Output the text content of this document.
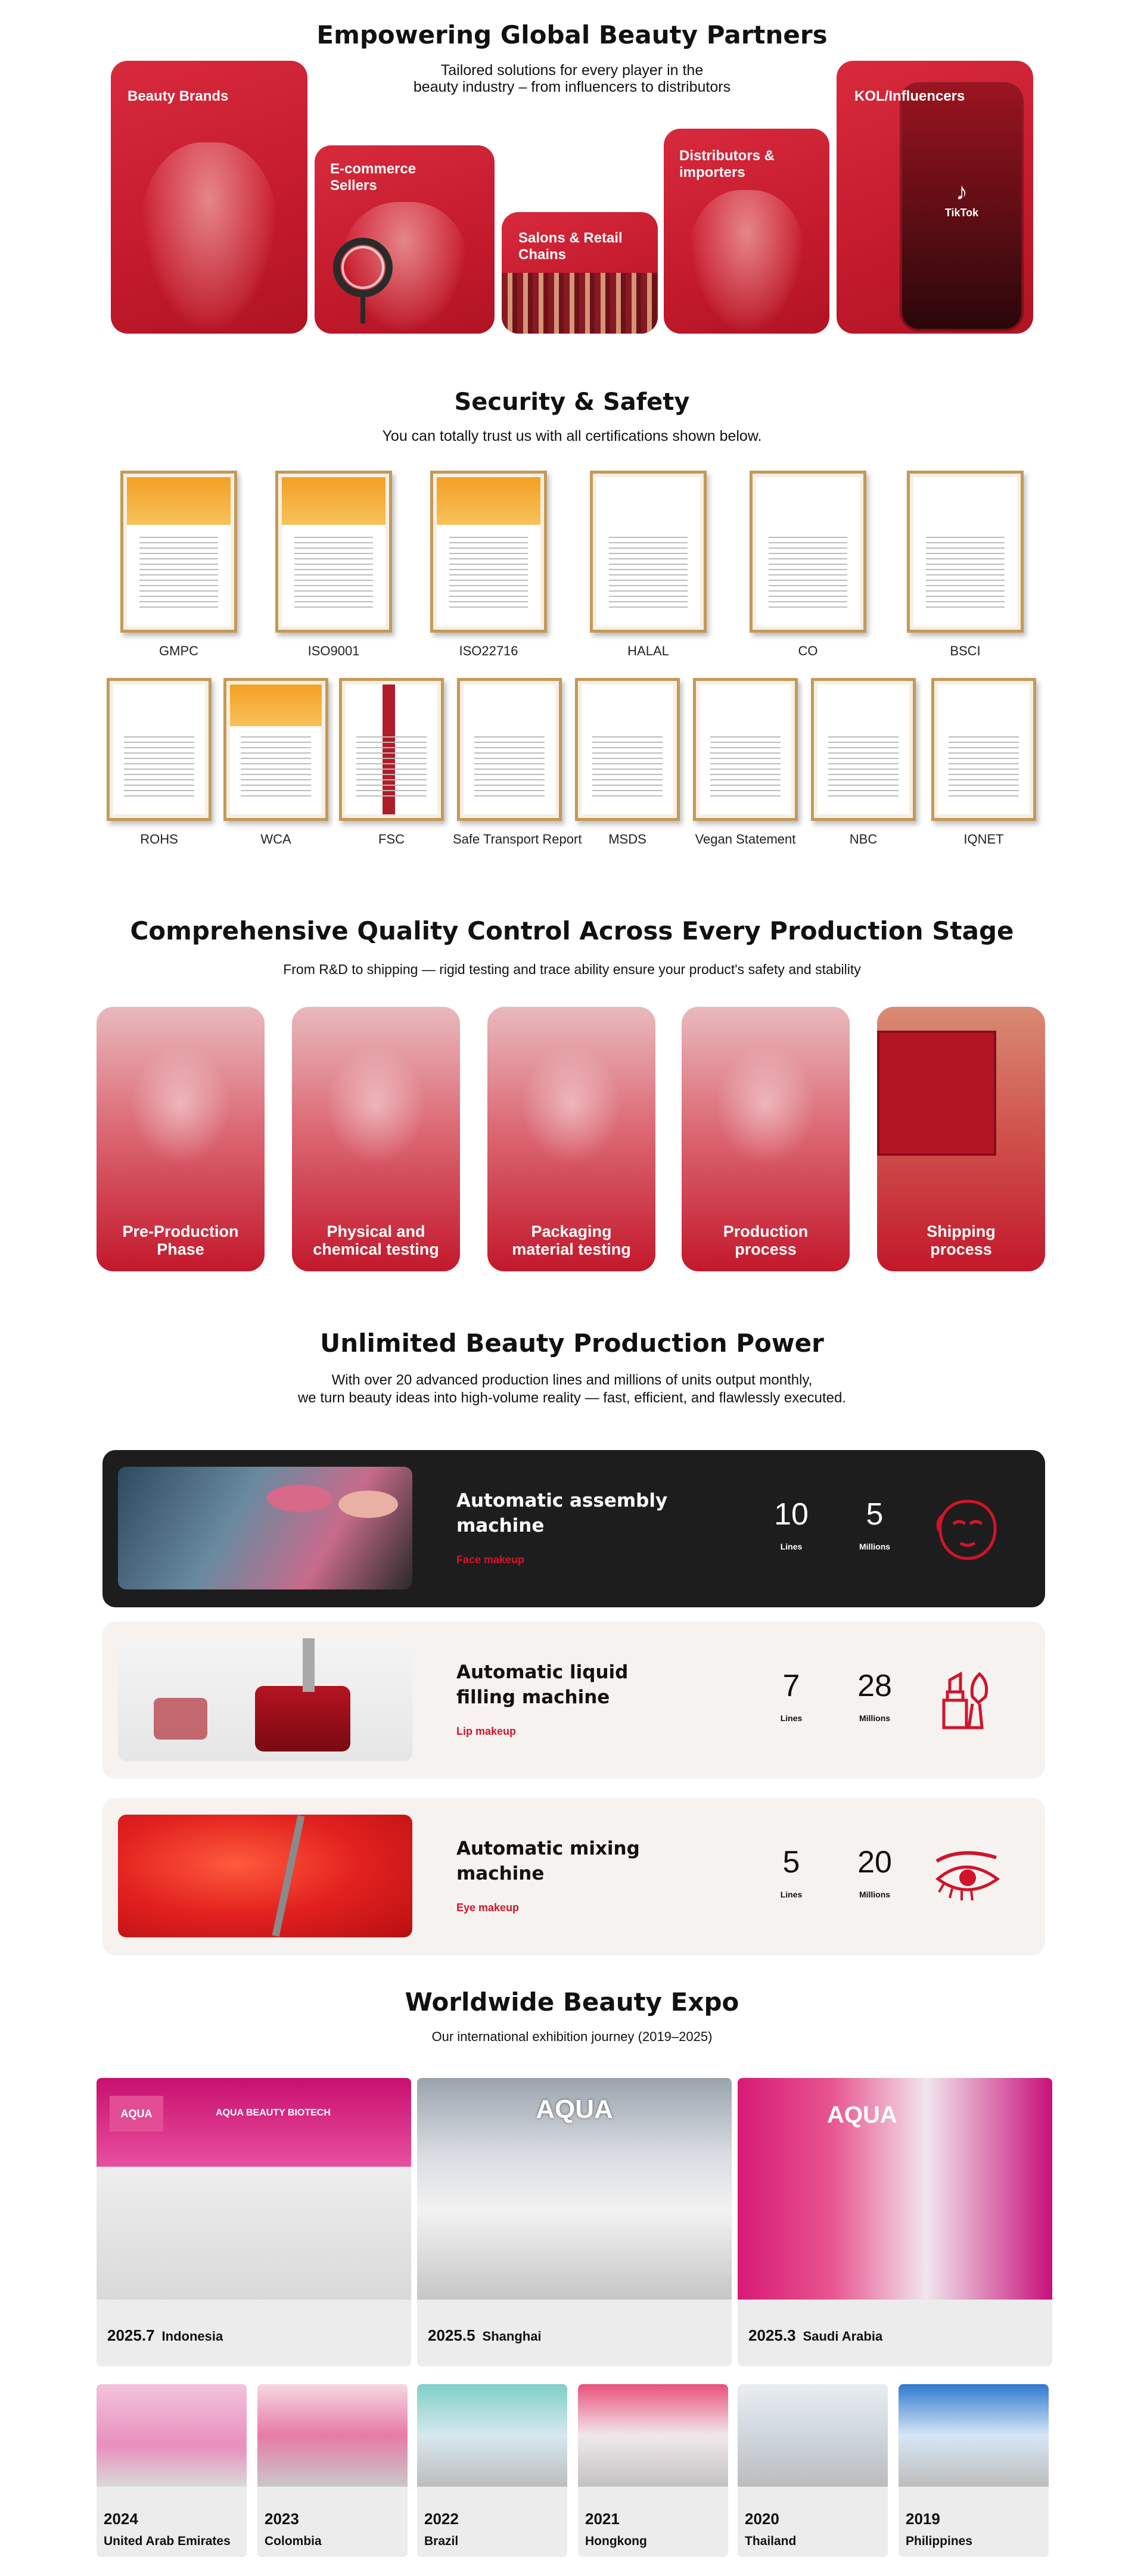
Empowering Global Beauty Partners
Tailored solutions for every player in the
beauty industry – from influencers to distributors
Beauty Brands
E-commerce Sellers
Salons & Retail Chains
Distributors & importers
TikTok
♪
KOL/Influencers
Security & Safety
You can totally trust us with all certifications shown below.
GMPC	ISO9001	ISO22716	HALAL	CO	BSCI
ROHS	WCA	FSC	Safe Transport Report	MSDS	Vegan Statement	NBC	IQNET
Comprehensive Quality Control Across Every Production Stage
From R&D to shipping — rigid testing and trace ability ensure your product's safety and stability
Pre-Production
Phase
Physical and
chemical testing
Packaging
material testing
Production
process
Shipping
process
Unlimited Beauty Production Power
With over 20 advanced production lines and millions of units output monthly,
we turn beauty ideas into high-volume reality — fast, efficient, and flawlessly executed.
Automatic assembly machine
Face makeup
10
Lines
5
Millions
Automatic liquid filling machine
Lip makeup
7
Lines
28
Millions
Automatic mixing machine
Eye makeup
5
Lines
20
Millions
Worldwide Beauty Expo
Our international exhibition journey (2019–2025)
AQUA BEAUTY BIOTECH
AQUA
2025.7 Indonesia
AQUA
2025.5 Shanghai
AQUA
2025.3 Saudi Arabia
2024
United Arab Emirates
2023
Colombia
2022
Brazil
2021
Hongkong
2020
Thailand
2019
Philippines
